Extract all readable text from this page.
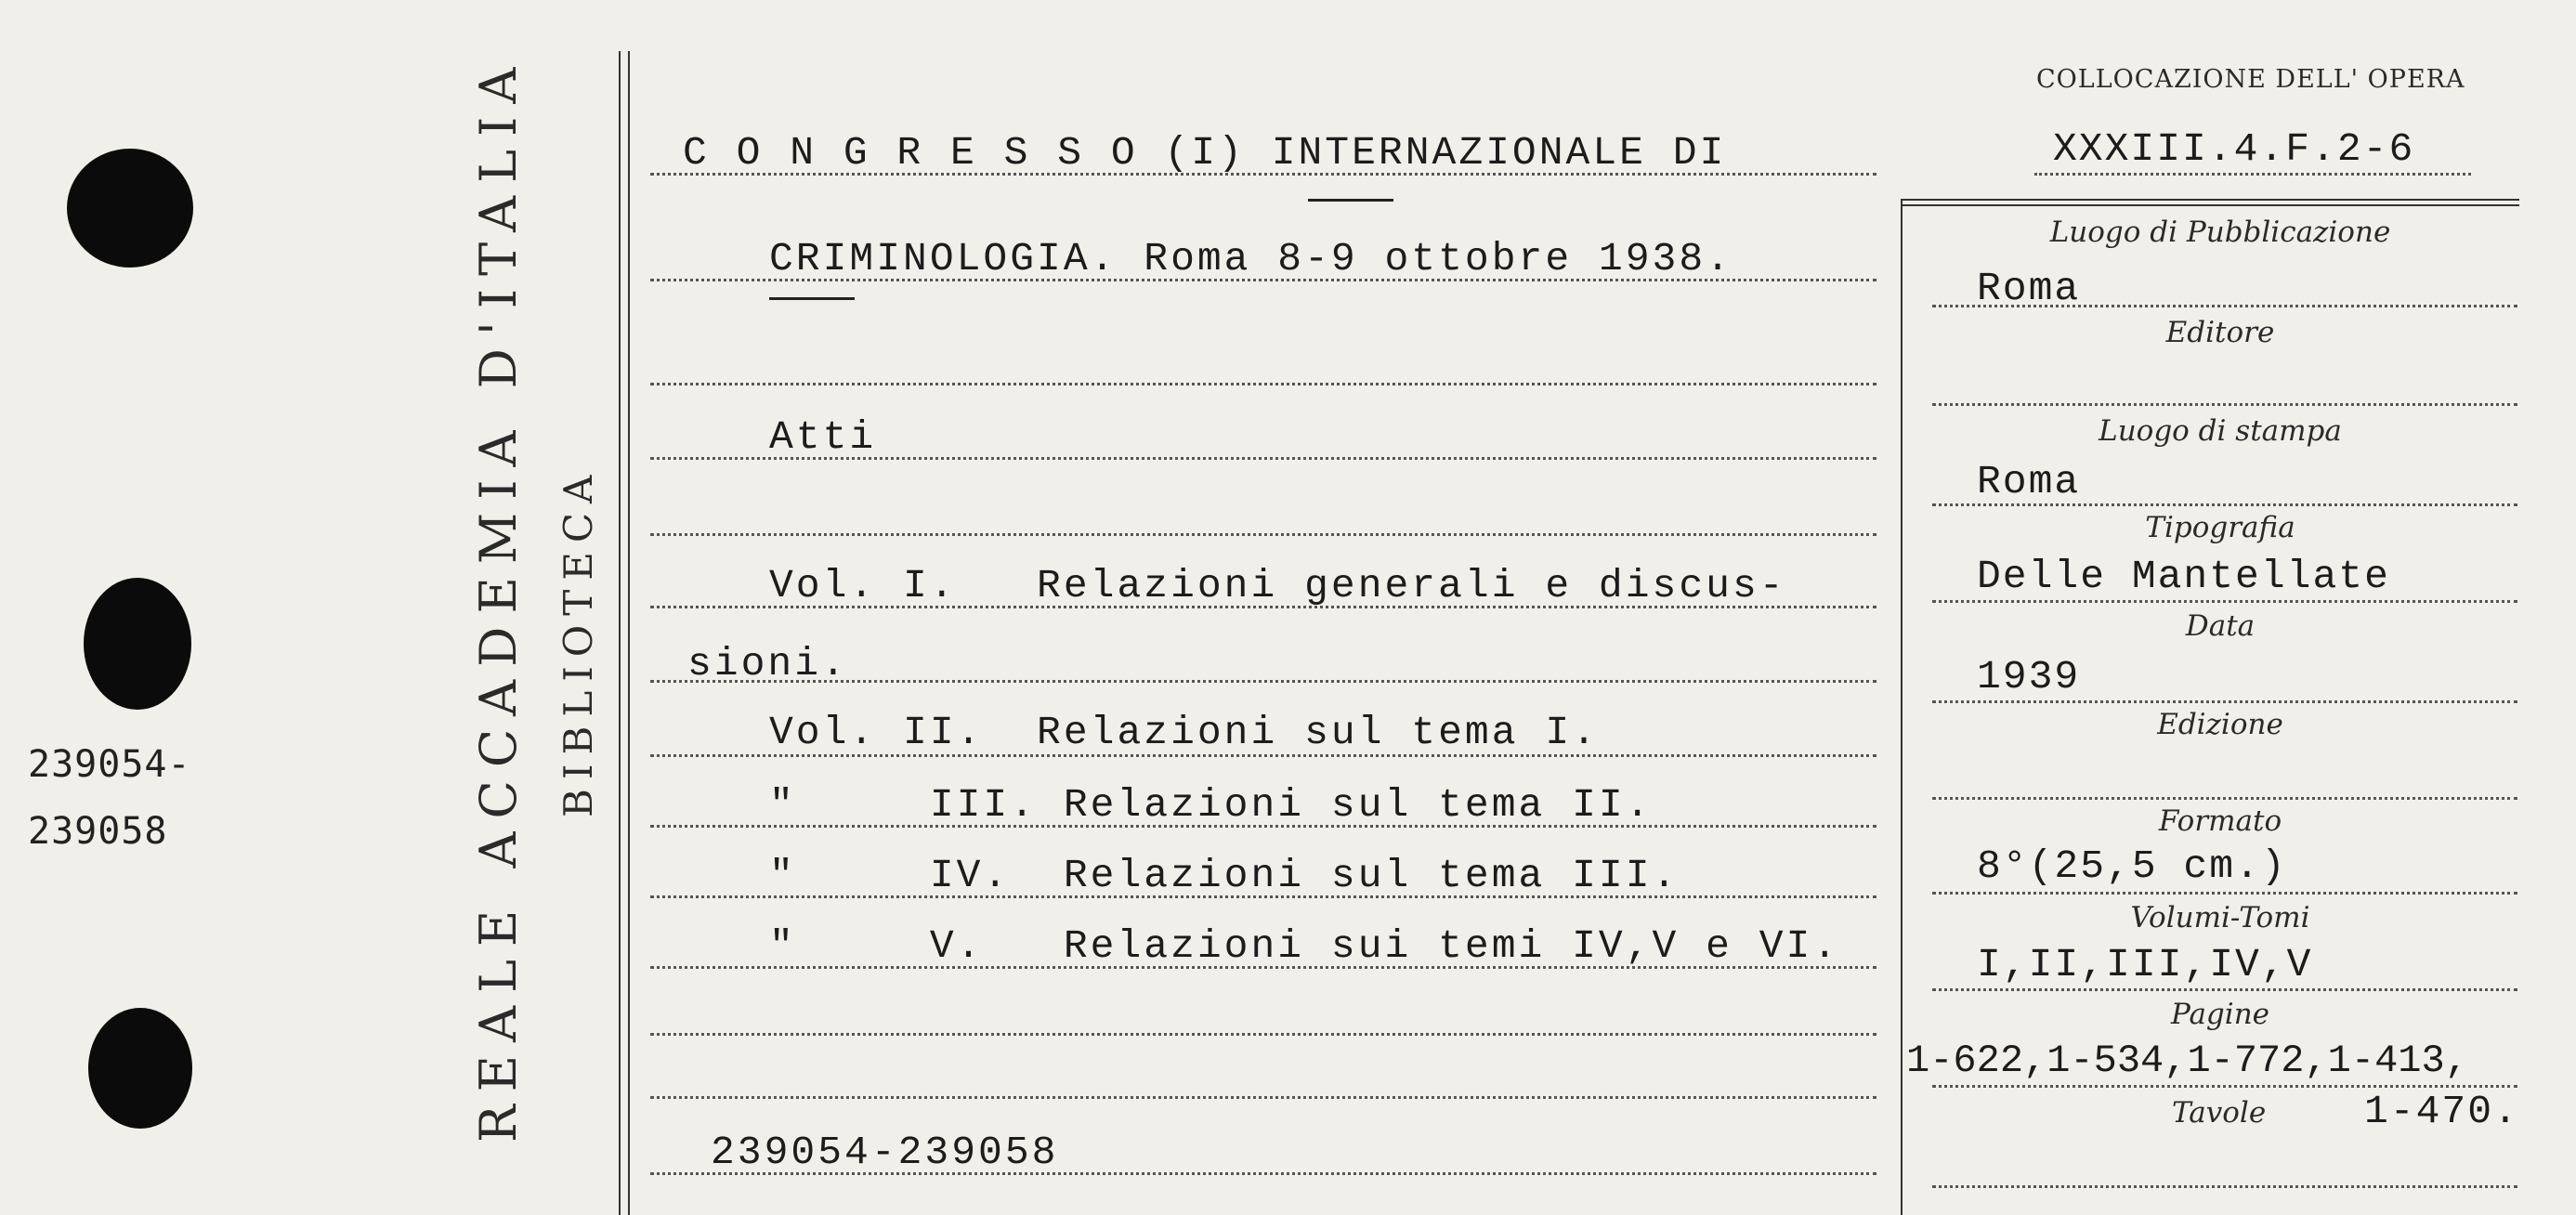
239054-
239058	REALE ACCADEMIA D'ITALIA BIBLIOTECA
COLLOCAZIONE DELL' OPERA
XXXIII.4.F.2-6
C O N G R E S S O (I) INTERNAZIONALE DI
CRIMINOLOGIA. Roma 8-9 ottobre 1938.
Atti
Vol. I.   Relazioni generali e discus-
sioni.
Vol. II.  Relazioni sul tema I.
"     III. Relazioni sul tema II.
"     IV.  Relazioni sul tema III.
"     V.   Relazioni sui temi IV,V e VI.
239054-239058
Luogo di Pubblicazione
Roma
Editore
Luogo di stampa
Roma
Tipografia
Delle Mantellate
Data
1939
Edizione
Formato
8°(25,5 cm.)
Volumi-Tomi
I,II,III,IV,V
Pagine
1-622,1-534,1-772,1-413,
Tavole 1-470.
